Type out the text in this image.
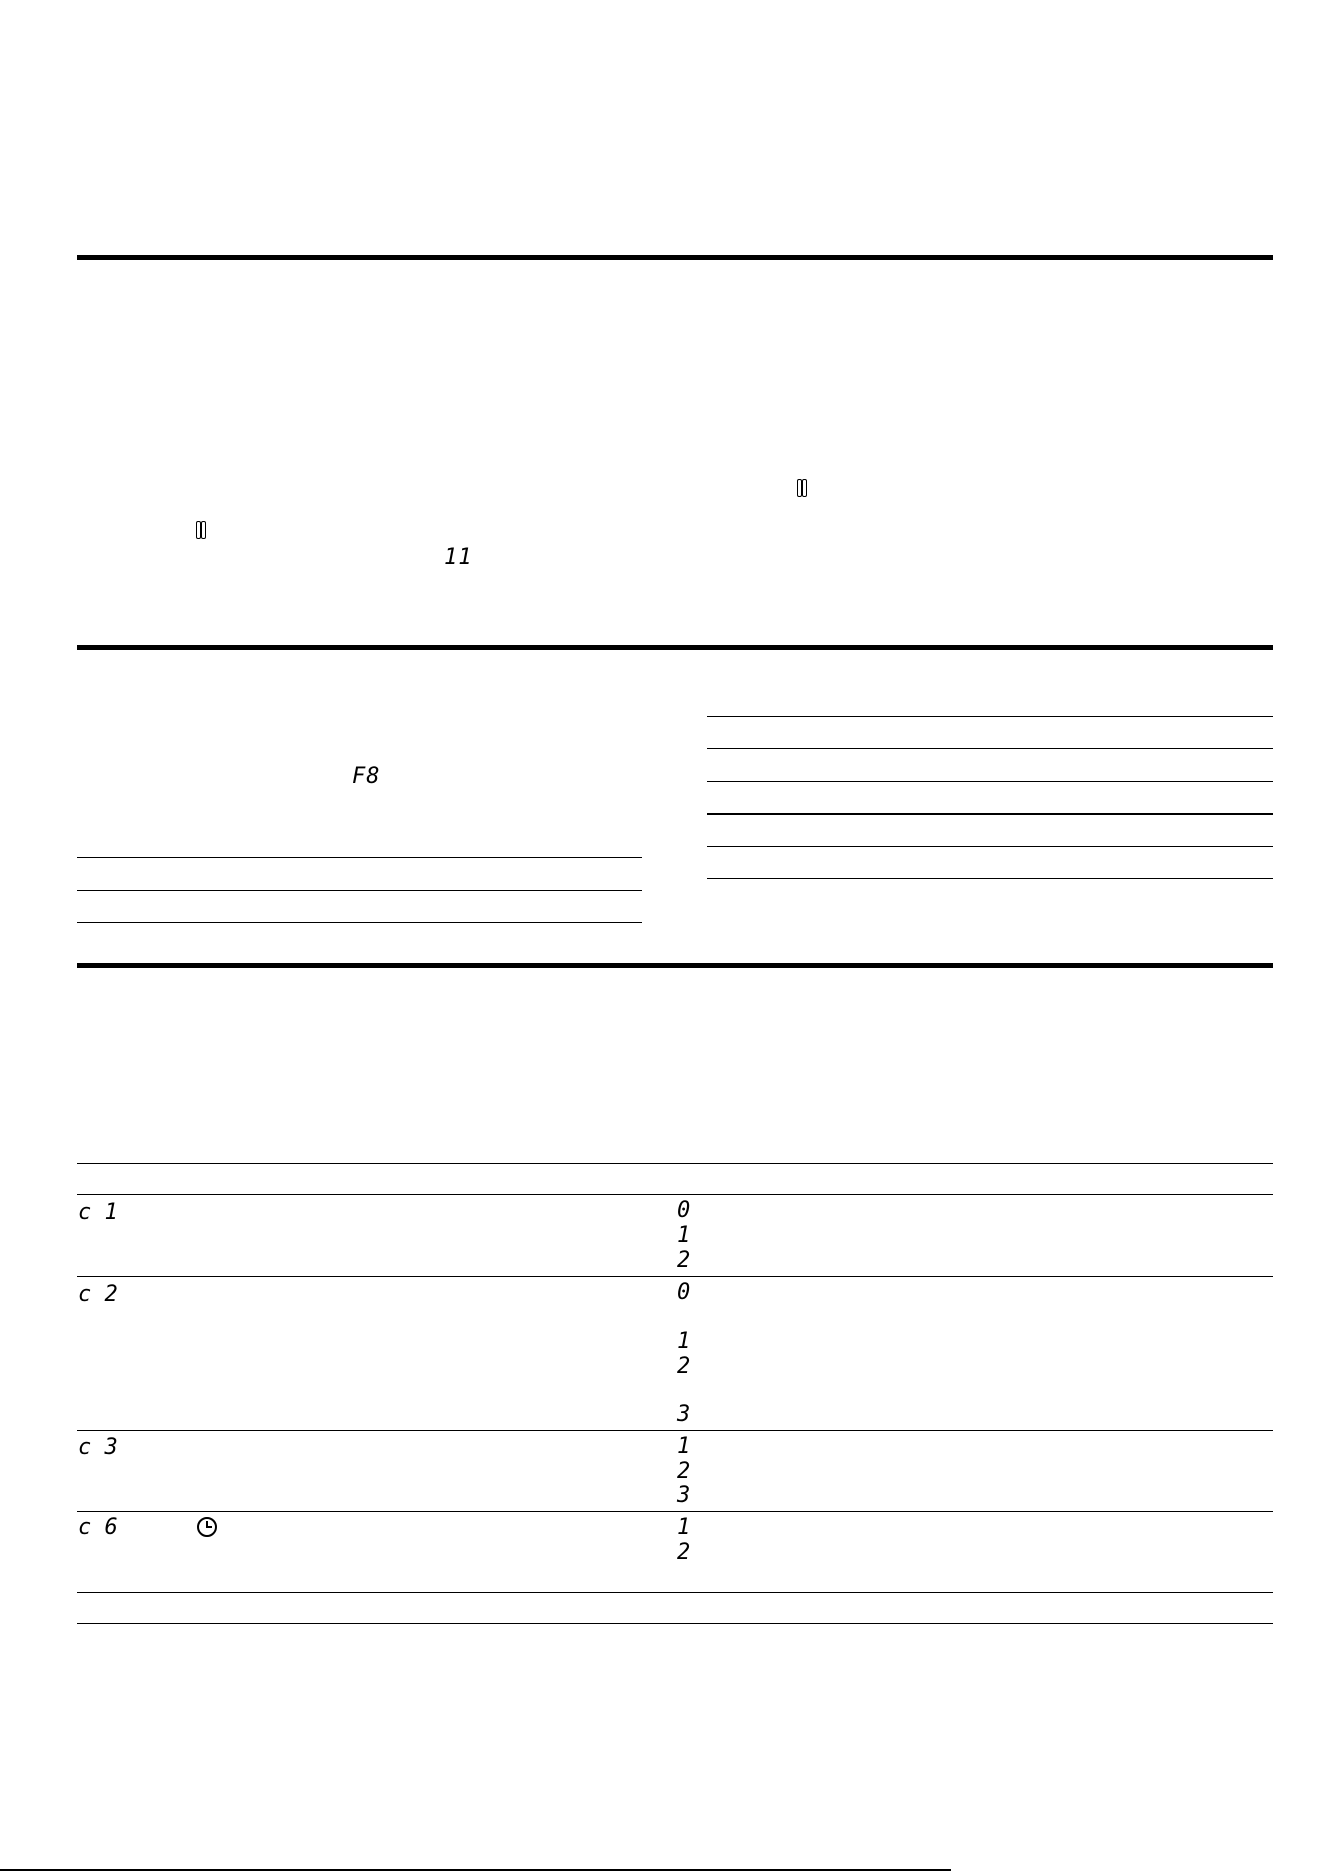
11
F8
c 1	0
1
2
c 2	0
1
2
3
c 3	1
2
3
c 6	1
2
